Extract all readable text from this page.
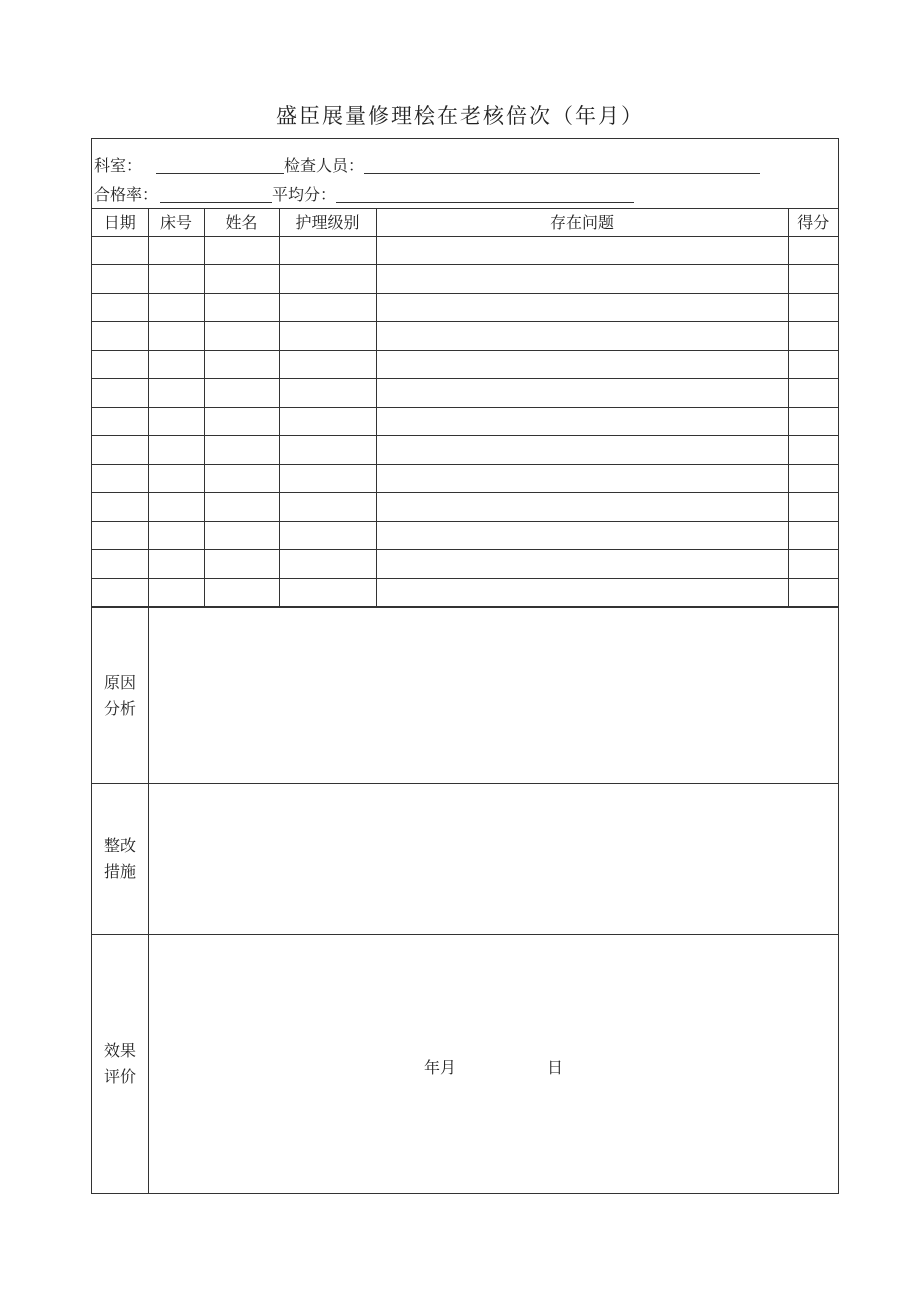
盛臣展量修理桧在老核倍次（年月）
科室：	检查人员：
合格率：	平均分：
日期	床号	姓名	护理级别	存在问题	得分

原因分析
整改措施
效果评价	年月	日
